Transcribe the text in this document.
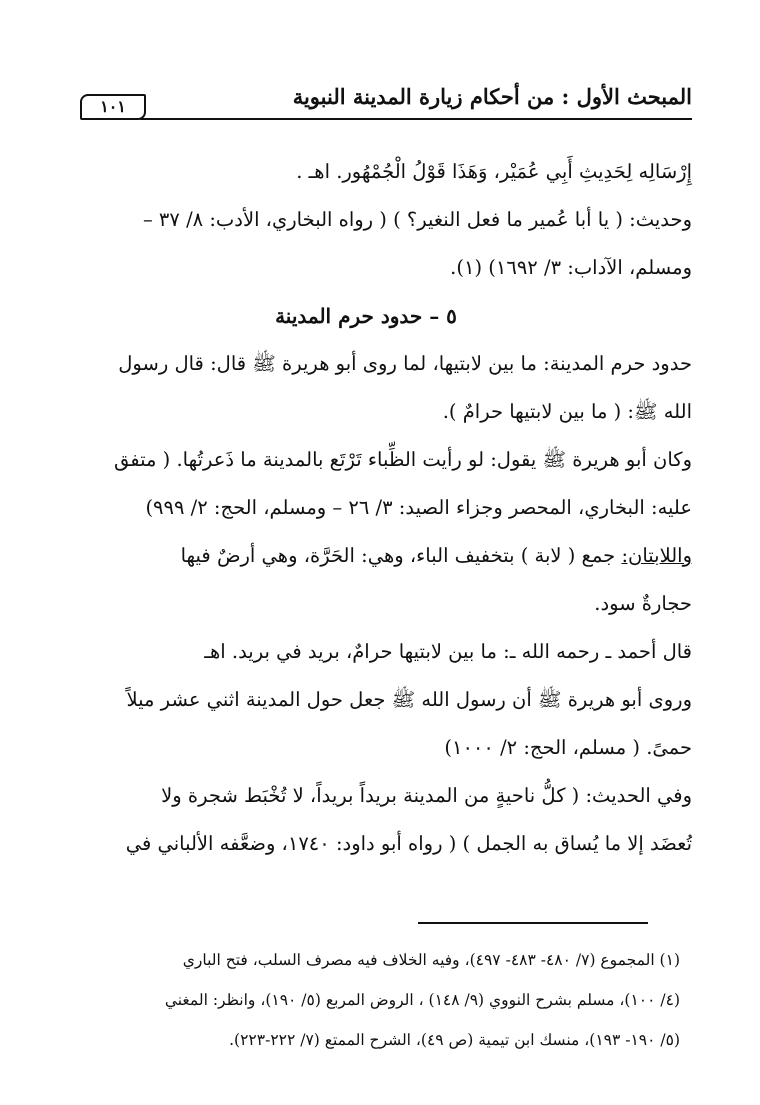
المبحث الأول : من أحكام زيارة المدينة النبوية
١٠١

إِرْسَالِه لِحَدِيثِ أَبِي عُمَيْر، وَهَذَا قَوْلُ الْجُمْهُور. اهـ .

وحديث: ( يا أبا عُمير ما فعل النغير؟ ) ( رواه البخاري، الأدب: ٨/ ٣٧ –

ومسلم، الآداب: ٣/ ١٦٩٢) (١).

٥ – حدود حرم المدينة

حدود حرم المدينة: ما بين لابتيها، لما روى أبو هريرة ﷺ قال: قال رسول

الله ﷺ: ( ما بين لابتيها حرامٌ ).

وكان أبو هريرة ﷺ يقول: لو رأيت الظِّباء تَرْتَع بالمدينة ما ذَعرتُها. ( متفق

عليه: البخاري، المحصر وجزاء الصيد: ٣/ ٢٦ – ومسلم، الحج: ٢/ ٩٩٩)

واللابتان: جمع ( لابة ) بتخفيف الباء، وهي: الحَرَّة، وهي أرضٌ فيها

حجارةٌ سود.

قال أحمد ـ رحمه الله ـ: ما بين لابتيها حرامٌ، بريد في بريد. اهـ

وروى أبو هريرة ﷺ أن رسول الله ﷺ جعل حول المدينة اثني عشر ميلاً

حمىً. ( مسلم، الحج: ٢/ ١٠٠٠)

وفي الحديث: ( كلُّ ناحيةٍ من المدينة بريداً بريداً، لا تُخْبَط شجرة ولا

تُعضَد إلا ما يُساق به الجمل ) ( رواه أبو داود: ١٧٤٠، وضعَّفه الألباني في

(١) المجموع (٧/ ٤٨٠- ٤٨٣- ٤٩٧)، وفيه الخلاف فيه مصرف السلب، فتح الباري

(٤/ ١٠٠)، مسلم بشرح النووي (٩/ ١٤٨) ، الروض المربع (٥/ ١٩٠)، وانظر: المغني

(٥/ ١٩٠- ١٩٣)، منسك ابن تيمية (ص ٤٩)، الشرح الممتع (٧/ ٢٢٢-٢٢٣).
